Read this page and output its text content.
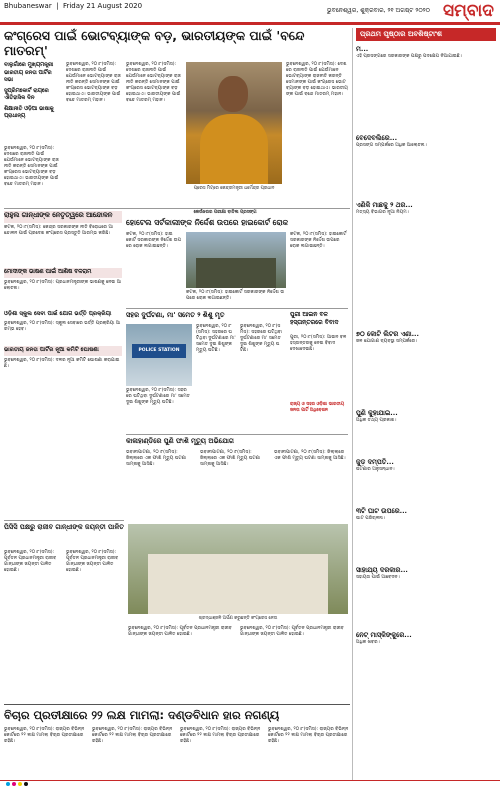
Bhubaneswar  |  Friday 21 August 2020
ଭୁବନେଶ୍ୱର, ଶୁକ୍ରବାର, ୨୧ ଅଗଷ୍ଟ ୨୦୨୦ ସମ୍ବାଦ
କଂଗ୍ରେସ ପାଇଁ ଭୋଟବ୍ୟାଙ୍କ ବଡ଼, ଭାରତୀୟଙ୍କ ପାଇଁ 'ବନ୍ଦେ ମାତରମ୍'
ବାଲୁଗାଁରେ ମୁଖ୍ୟମନ୍ତ୍ରୀ ଭାରତୀୟ ଜନତା ପାର୍ଟିର ସଭା
ସୁପ୍ରିମକୋର୍ଟ ରାୟରେ ଐତିହାସିକ ଦିନ
ଶିକ୍ଷାନୀତି ଓଡ଼ିଆ ଭାଷାକୁ ପ୍ରାଧାନ୍ୟ
ଭୁବନେଶ୍ୱର, ୨୦।୮(ସମିସ): ଦେଶରେ ରାଜନୀତି ପାଇଁ ଯେଉଁମାନେ ଭୋଟବ୍ୟାଙ୍କ ରାଜନୀତି କରନ୍ତି ସେମାନଙ୍କ ପାଇଁ କଂଗ୍ରେସ ଭୋଟବ୍ୟାଙ୍କ ବଡ଼ ହୋଇଥାଏ। ଭାରତୀୟଙ୍କ ପାଇଁ ବନ୍ଦେ ମାତରମ୍ ମହାନ।
ଭୁବନେଶ୍ୱର, ୨୦।୮(ସମିସ): ଦେଶରେ ରାଜନୀତି ପାଇଁ ଯେଉଁମାନେ ଭୋଟବ୍ୟାଙ୍କ ରାଜନୀତି କରନ୍ତି ସେମାନଙ୍କ ପାଇଁ କଂଗ୍ରେସ ଭୋଟବ୍ୟାଙ୍କ ବଡ଼ ହୋଇଥାଏ। ଭାରତୀୟଙ୍କ ପାଇଁ ବନ୍ଦେ ମାତରମ୍ ମହାନ।
ଭୁବନେଶ୍ୱର, ୨୦।୮(ସମିସ): ଦେଶରେ ରାଜନୀତି ପାଇଁ ଯେଉଁମାନେ ଭୋଟବ୍ୟାଙ୍କ ରାଜନୀତି କରନ୍ତି ସେମାନଙ୍କ ପାଇଁ କଂଗ୍ରେସ ଭୋଟବ୍ୟାଙ୍କ ବଡ଼ ହୋଇଥାଏ। ଭାରତୀୟଙ୍କ ପାଇଁ ବନ୍ଦେ ମାତରମ୍ ମହାନ।
ଭୁବନେଶ୍ୱର, ୨୦।୮(ସମିସ): ଦେଶରେ ରାଜନୀତି ପାଇଁ ଯେଉଁମାନେ ଭୋଟବ୍ୟାଙ୍କ ରାଜନୀତି କରନ୍ତି ସେମାନଙ୍କ ପାଇଁ କଂଗ୍ରେସ ଭୋଟବ୍ୟାଙ୍କ ବଡ଼ ହୋଇଥାଏ। ଭାରତୀୟଙ୍କ ପାଇଁ ବନ୍ଦେ ମାତରମ୍ ମହାନ।
ପ୍ରେସ ମିଟ୍‌ରେ କେନ୍ଦ୍ରମନ୍ତ୍ରୀ ଧର୍ମେନ୍ଦ୍ର ପ୍ରଧାନ
ରାହୁଲ ଗାନ୍ଧୀଙ୍କ ନେତୃତ୍ୱରେ ଆନ୍ଦୋଳନ
କଟକ, ୨୦।୮(ସମିସ): କେନ୍ଦ୍ର ସରକାରଙ୍କ ନୀତି ବିରୋଧରେ ଆନ୍ଦୋଳନ ପାଇଁ ପ୍ରଦେଶ କଂଗ୍ରେସ ପ୍ରସ୍ତୁତି ଆରମ୍ଭ କରିଛି।
କେଉଁଝରର ପରୀକ୍ଷା ବାତିଲ ପ୍ରସଙ୍ଗ
ହୋଟେଲ ସର୍ଟକାଲୀଙ୍କ ନିର୍ଦ୍ଦେଶ ଉପରେ ହାଇକୋର୍ଟ ରୋକ
କଟକ, ୨୦।୮(ସମିସ): ହାଇକୋର୍ଟ ସରକାରଙ୍କ ନିର୍ଦ୍ଦେଶ ଉପରେ ରୋକ ଲଗାଇଛନ୍ତି।
କଟକ, ୨୦।୮(ସମିସ): ହାଇକୋର୍ଟ ସରକାରଙ୍କ ନିର୍ଦ୍ଦେଶ ଉପରେ ରୋକ ଲଗାଇଛନ୍ତି।
କଟକ, ୨୦।୮(ସମିସ): ହାଇକୋର୍ଟ ସରକାରଙ୍କ ନିର୍ଦ୍ଦେଶ ଉପରେ ରୋକ ଲଗାଇଛନ୍ତି।
ମୋଦୀଙ୍କ ଭାଷଣ ପାଇଁ ଆଶିଷ ବଳରାମ
ଭୁବନେଶ୍ୱର, ୨୦।୮(ସମିସ): ପ୍ରଧାନମନ୍ତ୍ରୀଙ୍କ ଭାଷଣକୁ ନେଇ ଆଲୋଚନା।
ଓଡ଼ିଶା ସ୍କୁଲ ସେବା ପାଇଁ ଯୋଗ ଭର୍ତ୍ତି ପ୍ରକ୍ରିୟା
ଭୁବନେଶ୍ୱର, ୨୦।୮(ସମିସ): ସ୍କୁଲ ସେବାରେ ଭର୍ତ୍ତି ପ୍ରକ୍ରିୟା ଆରମ୍ଭ ହେବ।
ଭାରତୀୟ ଜନତା ପାର୍ଟିର ନୂଆ କମିଟି ଘୋଷଣା
ଭୁବନେଶ୍ୱର, ୨୦।୮(ସମିସ): ଦଳର ନୂଆ କମିଟି ଘୋଷଣା କରାଯାଇଛି।
ସହର ଦୁର୍ଘଟଣା, ମା' ସମେତ ୨ ଶିଶୁ ମୃତ
POLICE STATION
ଭୁବନେଶ୍ୱର, ୨୦।୮(ସମିସ): ସହରରେ ଘଟିଥିବା ଦୁର୍ଘଟଣାରେ ମା' ସମେତ ଦୁଇ ଶିଶୁଙ୍କ ମୃତ୍ୟୁ ଘଟିଛି।
ଭୁବନେଶ୍ୱର, ୨୦।୮(ସମିସ): ସହରରେ ଘଟିଥିବା ଦୁର୍ଘଟଣାରେ ମା' ସମେତ ଦୁଇ ଶିଶୁଙ୍କ ମୃତ୍ୟୁ ଘଟିଛି।
ଭୁବନେଶ୍ୱର, ୨୦।୮(ସମିସ): ସହରରେ ଘଟିଥିବା ଦୁର୍ଘଟଣାରେ ମା' ସମେତ ଦୁଇ ଶିଶୁଙ୍କ ମୃତ୍ୟୁ ଘଟିଛି।
ପୁରୀ ଆଇନ ବଳ ହସ୍ତାନ୍ତରରେ ବିବାଦ
ପୁରୀ, ୨୦।୮(ସମିସ): ଆଇନ ବଳ ହସ୍ତାନ୍ତରକୁ ନେଇ ବିବାଦ ଦେଖାଦେଇଛି।
କାଳାହାଣ୍ଡିରେ ପୁଣି ଫାଶି ମୃତ୍ୟୁ ଅଭିଯୋଗ
ଭବାନୀପାଟଣା, ୨୦।୮(ସମିସ): ଜିଲ୍ଲାରେ ଏକ ଫାଶି ମୃତ୍ୟୁ ଘଟଣା ସାମ୍ନାକୁ ଆସିଛି।
ଭବାନୀପାଟଣା, ୨୦।୮(ସମିସ): ଜିଲ୍ଲାରେ ଏକ ଫାଶି ମୃତ୍ୟୁ ଘଟଣା ସାମ୍ନାକୁ ଆସିଛି।
ଭବାନୀପାଟଣା, ୨୦।୮(ସମିସ): ଜିଲ୍ଲାରେ ଏକ ଫାଶି ମୃତ୍ୟୁ ଘଟଣା ସାମ୍ନାକୁ ଆସିଛି।
ପିସିସି ପକ୍ଷରୁ ରାଜୀବ ଗାନ୍ଧୀଙ୍କ ଜୟନ୍ତୀ ପାଳିତ
ଭୁବନେଶ୍ୱର, ୨୦।୮(ସମିସ): ପୂର୍ବତନ ପ୍ରଧାନମନ୍ତ୍ରୀ ରାଜୀବ ଗାନ୍ଧୀଙ୍କ ଜୟନ୍ତୀ ପାଳିତ ହୋଇଛି।
ଭୁବନେଶ୍ୱର, ୨୦।୮(ସମିସ): ପୂର୍ବତନ ପ୍ରଧାନମନ୍ତ୍ରୀ ରାଜୀବ ଗାନ୍ଧୀଙ୍କ ଜୟନ୍ତୀ ପାଳିତ ହୋଇଛି।
ଶ୍ରଦ୍ଧାଞ୍ଜଳି ଅର୍ପଣ କରୁଛନ୍ତି କଂଗ୍ରେସ ନେତା
ଭୁବନେଶ୍ୱର, ୨୦।୮(ସମିସ): ପୂର୍ବତନ ପ୍ରଧାନମନ୍ତ୍ରୀ ରାଜୀବ ଗାନ୍ଧୀଙ୍କ ଜୟନ୍ତୀ ପାଳିତ ହୋଇଛି।
ଭୁବନେଶ୍ୱର, ୨୦।୮(ସମିସ): ପୂର୍ବତନ ପ୍ରଧାନମନ୍ତ୍ରୀ ରାଜୀବ ଗାନ୍ଧୀଙ୍କ ଜୟନ୍ତୀ ପାଳିତ ହୋଇଛି।
ରାଜ୍ୟ ଓ ସହର ଓଡ଼ିଶା ଭାରତୀୟ ଜନତା ପାର୍ଟି ଅଧିବେଶନ
ବିଚାର ପ୍ରତୀକ୍ଷାରେ ୨୨ ଲକ୍ଷ ମାମଲା: ଦଣ୍ଡବିଧାନ ହାର ନଗଣ୍ୟ
ଭୁବନେଶ୍ୱର, ୨୦।୮(ସମିସ): ରାଜ୍ୟର ବିଭିନ୍ନ କୋର୍ଟରେ ୨୨ ଲକ୍ଷ ମାମଲା ବିଚାର ପ୍ରତୀକ୍ଷାରେ ରହିଛି।
ଭୁବନେଶ୍ୱର, ୨୦।୮(ସମିସ): ରାଜ୍ୟର ବିଭିନ୍ନ କୋର୍ଟରେ ୨୨ ଲକ୍ଷ ମାମଲା ବିଚାର ପ୍ରତୀକ୍ଷାରେ ରହିଛି।
ଭୁବନେଶ୍ୱର, ୨୦।୮(ସମିସ): ରାଜ୍ୟର ବିଭିନ୍ନ କୋର୍ଟରେ ୨୨ ଲକ୍ଷ ମାମଲା ବିଚାର ପ୍ରତୀକ୍ଷାରେ ରହିଛି।
ଭୁବନେଶ୍ୱର, ୨୦।୮(ସମିସ): ରାଜ୍ୟର ବିଭିନ୍ନ କୋର୍ଟରେ ୨୨ ଲକ୍ଷ ମାମଲା ବିଚାର ପ୍ରତୀକ୍ଷାରେ ରହିଛି।
ପ୍ରଥମ ପୃଷ୍ଠାର ଅବଶିଷ୍ଟାଂଶ
ମ...
ଏହି ପ୍ରସଙ୍ଗରେ ସରକାରଙ୍କ ପକ୍ଷରୁ ପଦକ୍ଷେପ ନିଆଯାଇଛି।
ବେଦେବଲିରେ...
ପ୍ରସଙ୍ଗ ସମ୍ପର୍କରେ ଅଧିକ ଆଲୋଚନା।
ଏଣିକି ମାଛକୁ ୨ ଥର...
ମତ୍ସ୍ୟ ବିଭାଗର ନୂଆ ନିୟମ।
୭୦ କୋଟି ଲିଟର ଏଣା...
ଜଳ ଯୋଗାଣ ବ୍ୟବସ୍ଥା ସମ୍ପର୍କରେ।
ପୁଣି କୁହାଯାଇ...
ଅଧିକ ତଥ୍ୟ ପ୍ରକାଶ।
ଜୁଡ଼ ଦମ୍ପତି...
ଘଟଣାର ଅନୁସନ୍ଧାନ।
୩ଟି ଘାଟ ଉପରେ...
ଘାଟ ପରିଚାଳନା।
ସାହାଯ୍ୟ ଦରକାର...
ସହାୟତା ପାଇଁ ଆବେଦନ।
ନେଟ୍ ମାସ୍କିଙ୍କୁରେ...
ଅଧିକ ଖବର।
